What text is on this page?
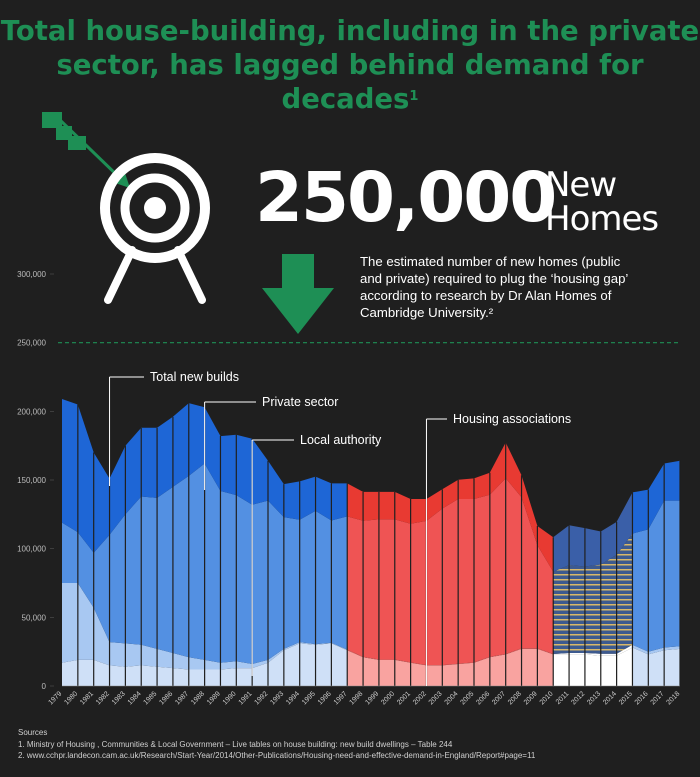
Total house-building, including in the private sector, has lagged behind demand for decades$^1$
250,000
New
Homes

The estimated number of new homes (public

and private) required to plug the ‘housing gap’

according to research by Dr Alan Homes of

Cambridge University.²

0
50,000
100,000
150,000
200,000
250,000
300,000
1979 1980 1981 1982 1983 1984 1985 1986 1987 1988 1989 1990 1991 1992 1993 1994 1995 1996 1997 1998 1999 2000 2001 2002 2003 2004 2005 2006 2007 2008 2009 2010 2011 2012 2013 2014 2015 2016 2017 2018
Total new builds
Private sector
Local authority
Housing associations
Sources
1. Ministry of Housing , Communities & Local Government – Live tables on house building: new build dwellings – Table 244
2. www.cchpr.landecon.cam.ac.uk/Research/Start-Year/2014/Other-Publications/Housing-need-and-effective-demand-in-England/Report#page=11
